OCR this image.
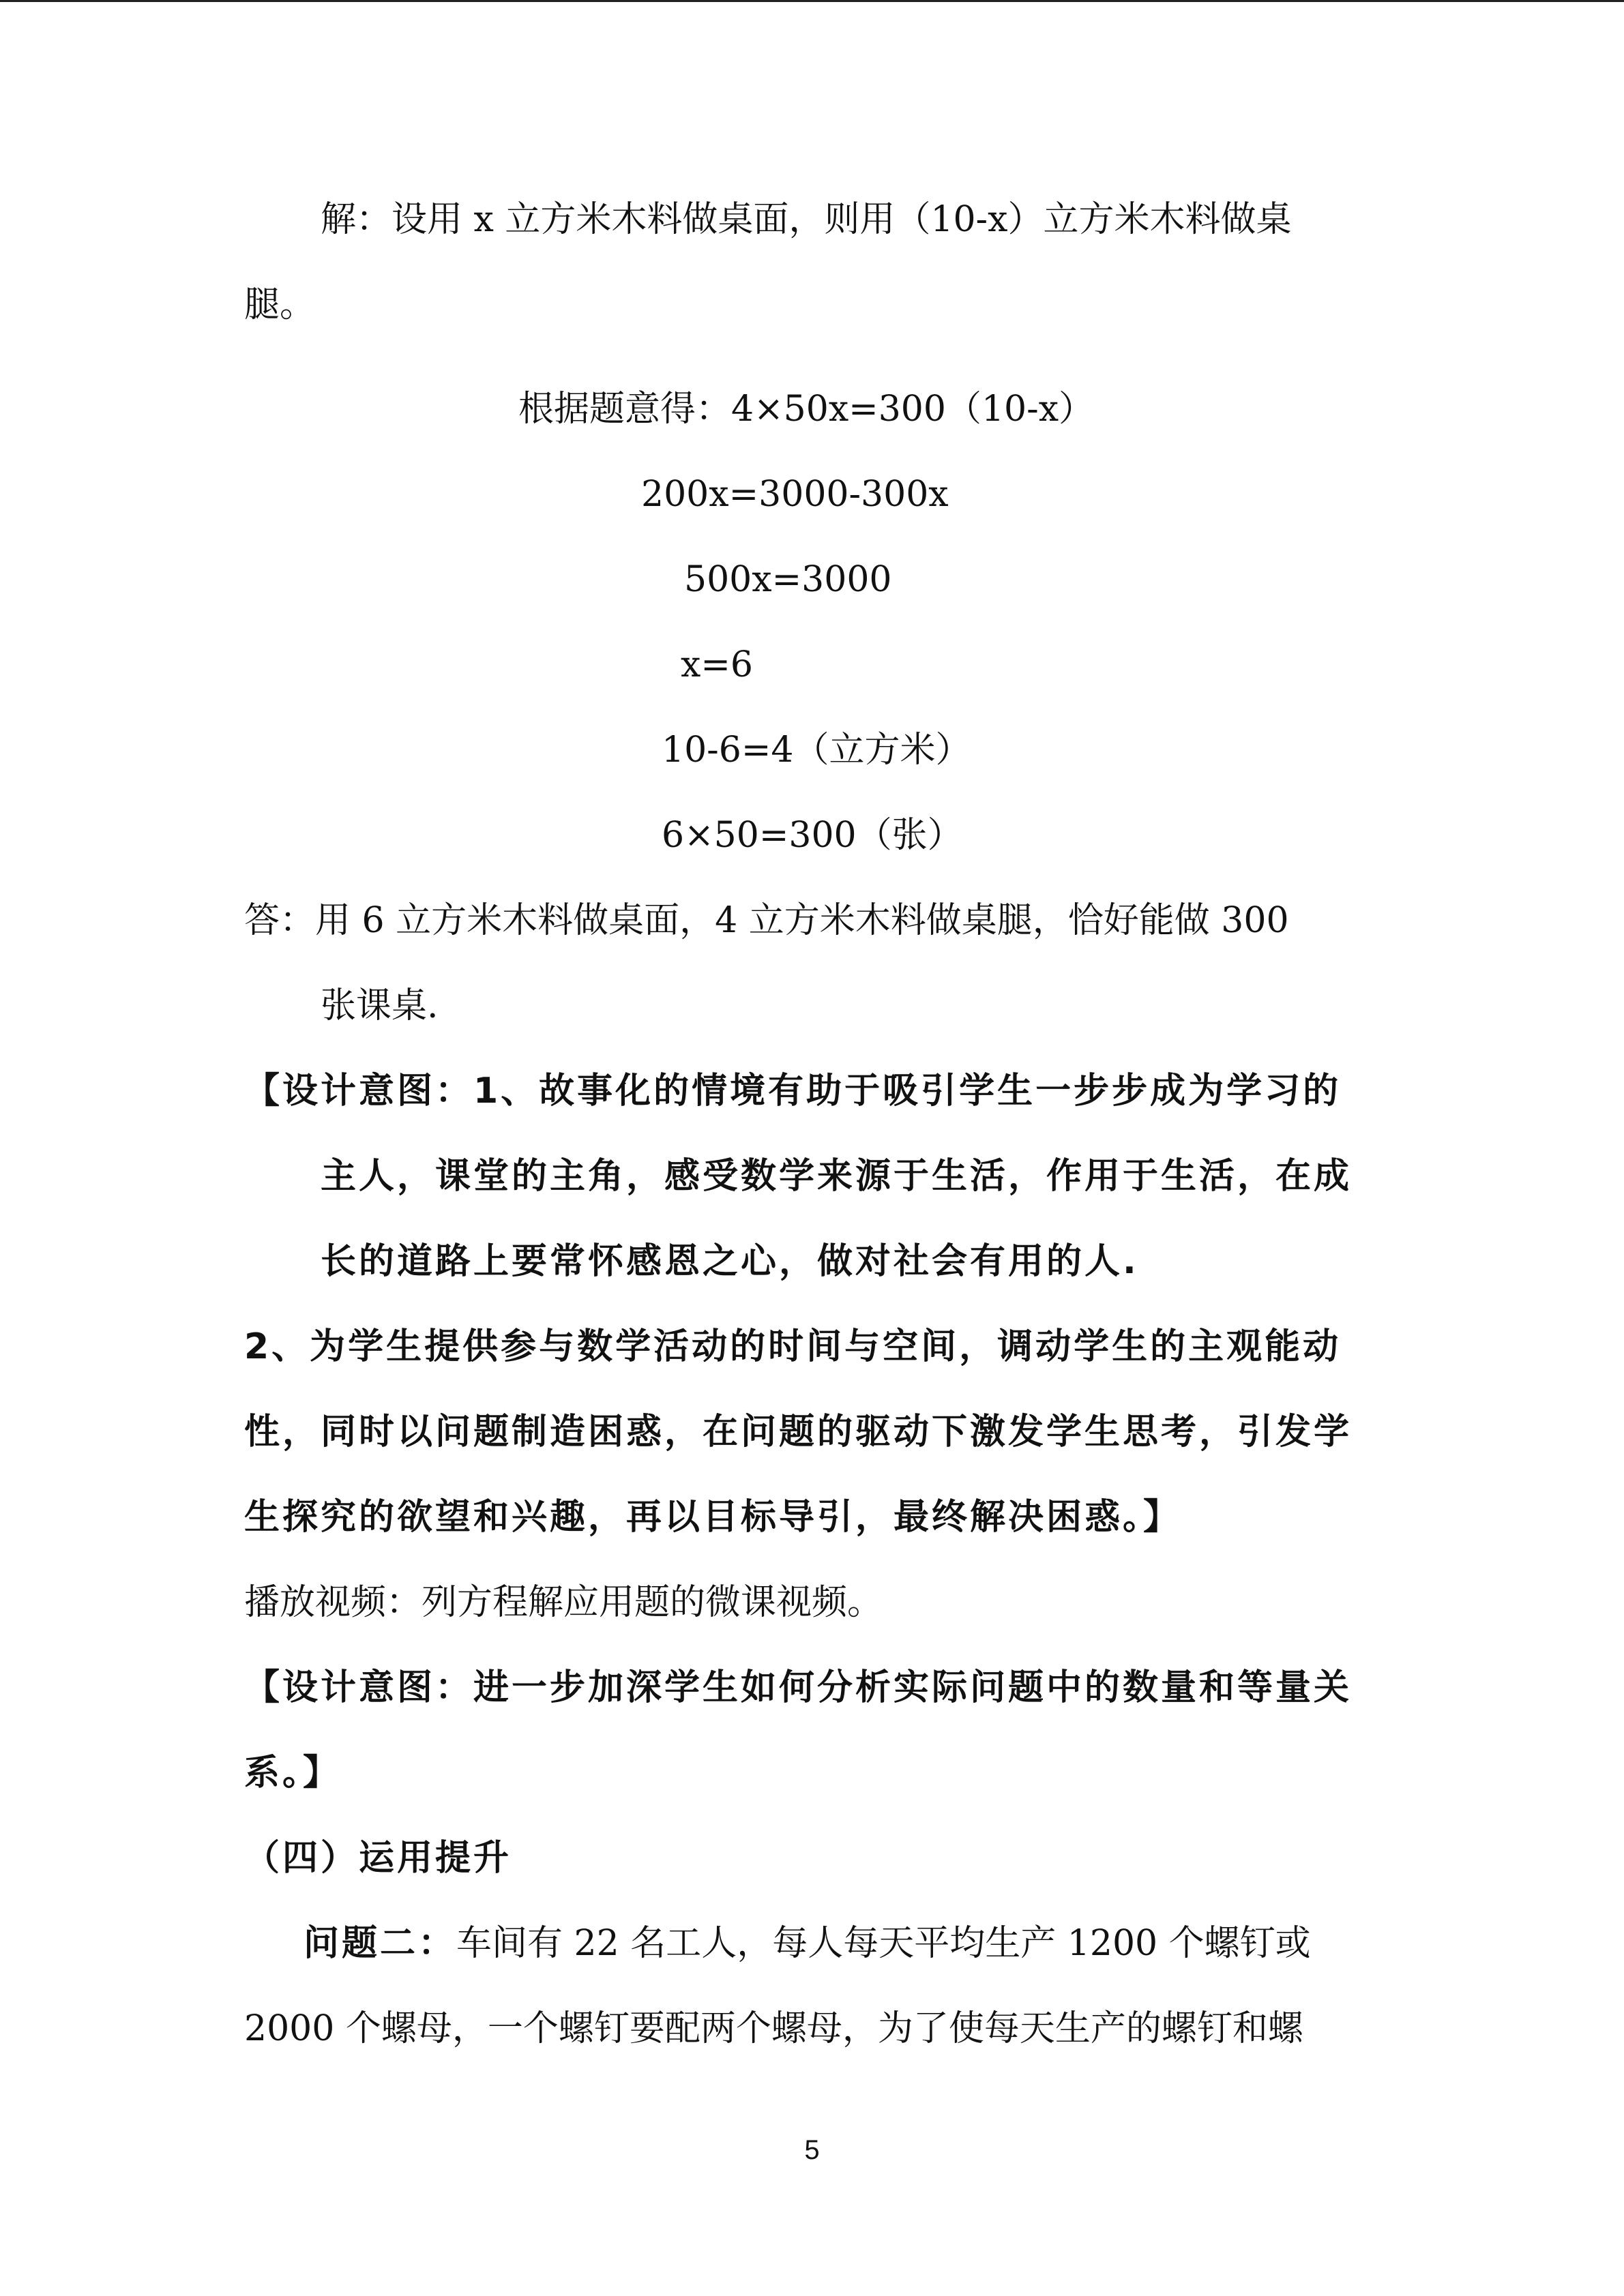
解：设用 x 立方米木料做桌面，则用（10-x）立方米木料做桌
腿。
根据题意得：4×50x=300（10-x）
200x=3000-300x
500x=3000
x=6
10-6=4（立方米）
6×50=300（张）
答：用 6 立方米木料做桌面，4 立方米木料做桌腿，恰好能做 300
张课桌.
【设计意图：1、故事化的情境有助于吸引学生一步步成为学习的
主人，课堂的主角，感受数学来源于生活，作用于生活，在成
长的道路上要常怀感恩之心，做对社会有用的人.
2、为学生提供参与数学活动的时间与空间，调动学生的主观能动
性，同时以问题制造困惑，在问题的驱动下激发学生思考，引发学
生探究的欲望和兴趣，再以目标导引，最终解决困惑。】
播放视频：列方程解应用题的微课视频。
【设计意图：进一步加深学生如何分析实际问题中的数量和等量关
系。】
（四）运用提升
问题二：车间有 22 名工人，每人每天平均生产 1200 个螺钉或
2000 个螺母，一个螺钉要配两个螺母，为了使每天生产的螺钉和螺
5
